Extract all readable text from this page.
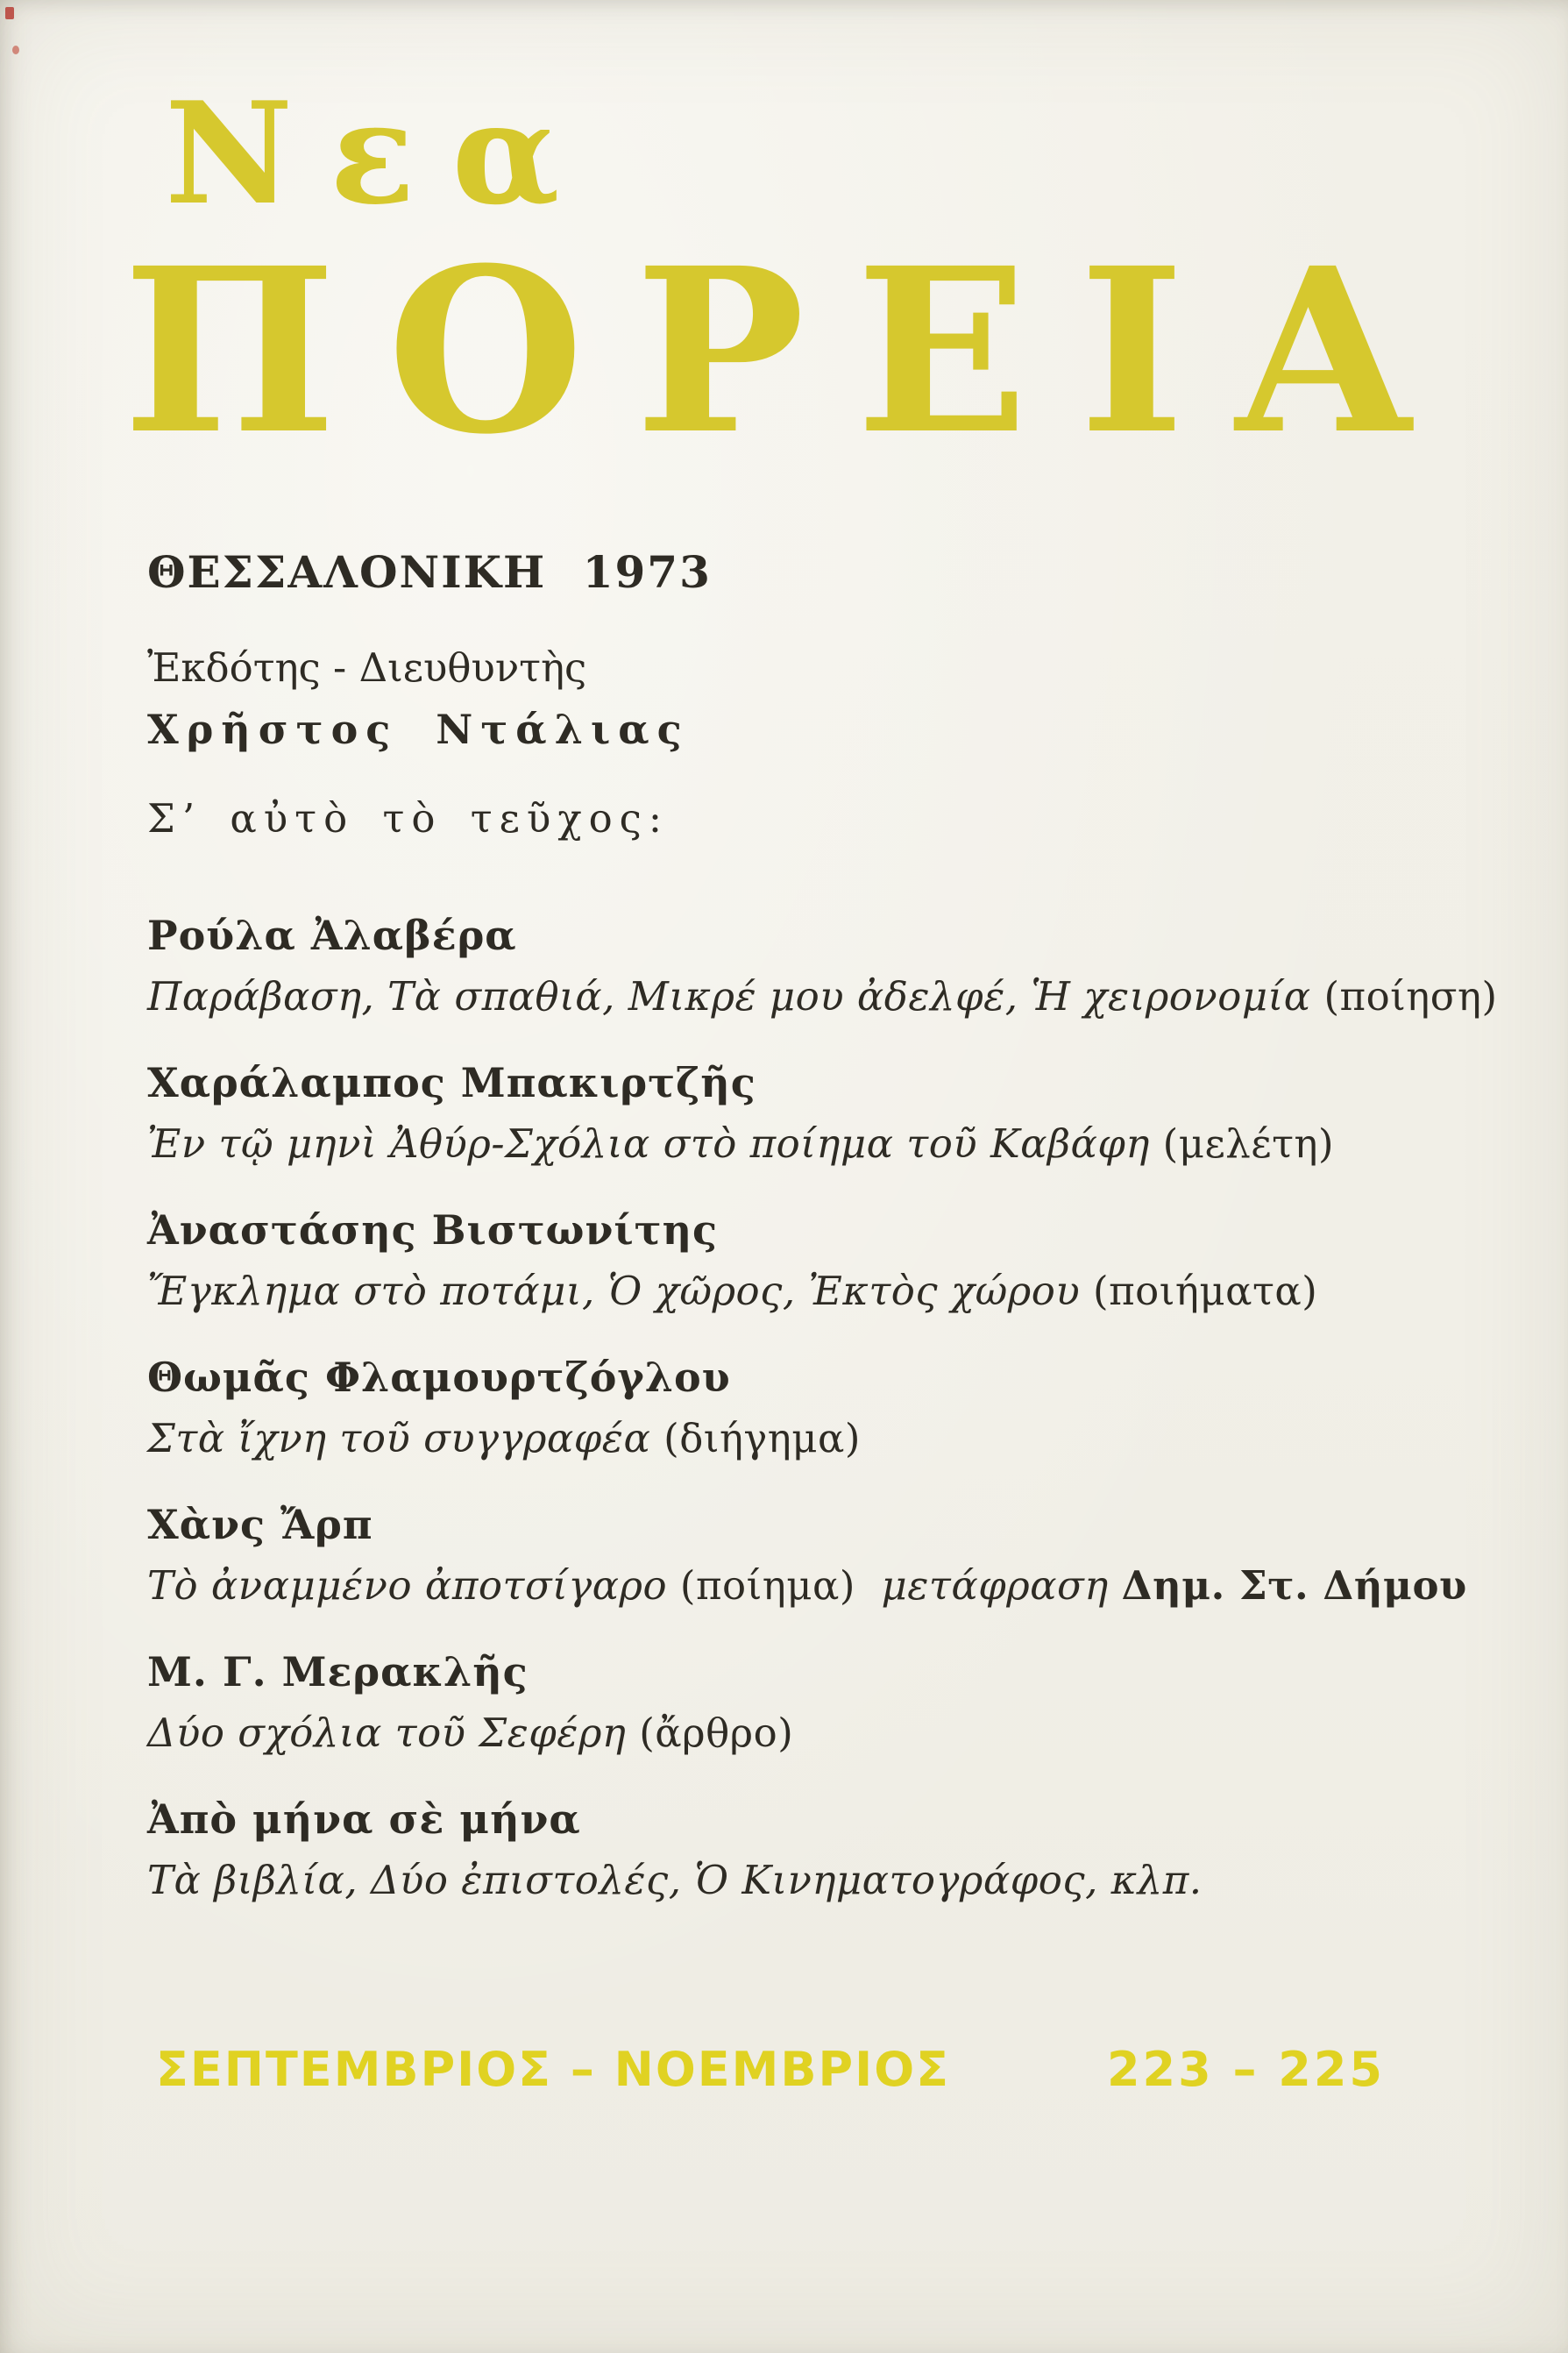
Νεα
ΠΟΡΕΙΑ
ΘΕΣΣΑΛΟΝΙΚΗ 1973
Ἐκδότης - Διευθυντὴς
Χρῆστος Ντάλιας
Σ’ αὐτὸ τὸ τεῦχος:
Ρούλα Ἀλαβέρα
Παράβαση, Τὰ σπαθιά, Μικρέ μου ἀδελφέ, Ἡ χειρονομία (ποίηση)
Χαράλαμπος Μπακιρτζῆς
Ἐν τῷ μηνὶ Ἀθύρ-Σχόλια στὸ ποίημα τοῦ Καβάφη (μελέτη)
Ἀναστάσης Βιστωνίτης
Ἔγκλημα στὸ ποτάμι, Ὁ χῶρος, Ἐκτὸς χώρου (ποιήματα)
Θωμᾶς Φλαμουρτζόγλου
Στὰ ἴχνη τοῦ συγγραφέα (διήγημα)
Χὰνς Ἄρπ
Τὸ ἀναμμένο ἀποτσίγαρο (ποίημα) μετάφραση Δημ. Στ. Δήμου
Μ. Γ. Μερακλῆς
Δύο σχόλια τοῦ Σεφέρη (ἄρθρο)
Ἀπὸ μήνα σὲ μήνα
Τὰ βιβλία, Δύο ἐπιστολές, Ὁ Κινηματογράφος, κλπ.
ΣΕΠΤΕΜΒΡΙΟΣ – ΝΟΕΜΒΡΙΟΣ	223 – 225
